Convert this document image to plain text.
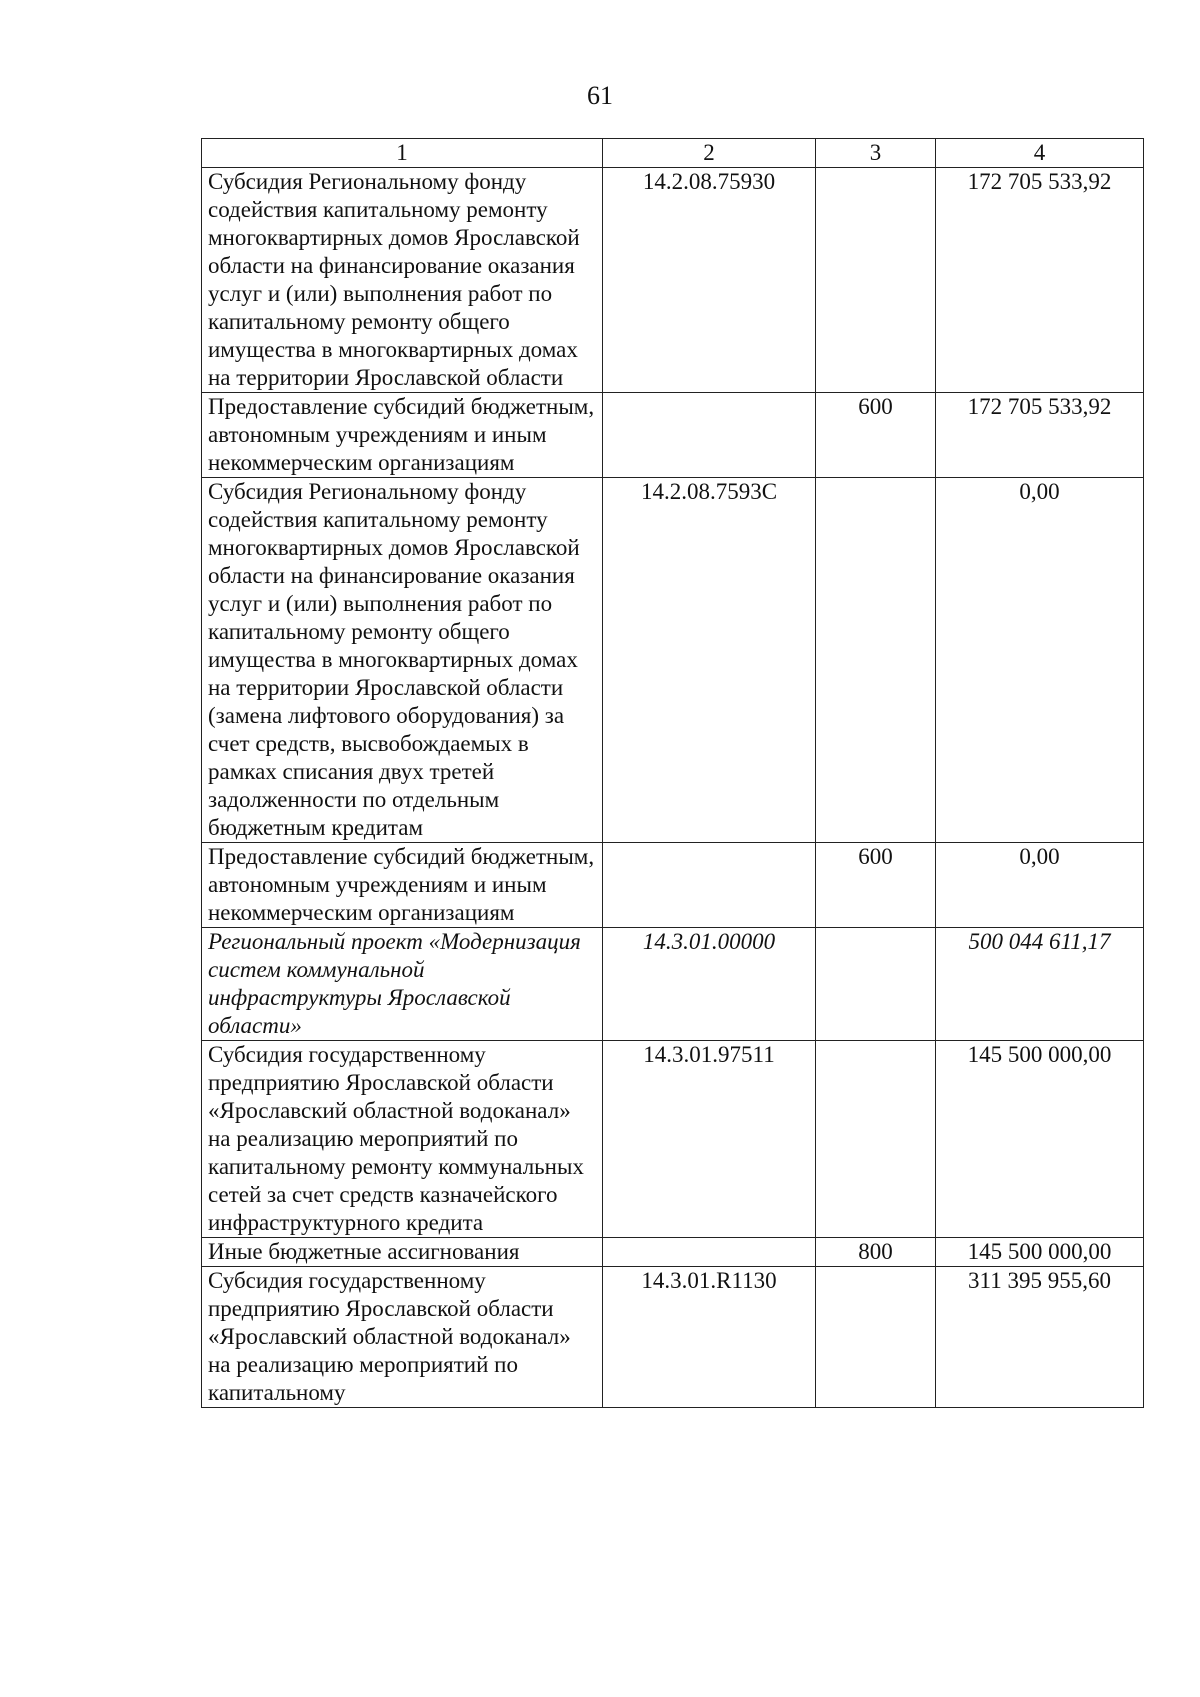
61
1	2	3	4
Субсидия Региональному фонду содействия капитальному ремонту многоквартирных домов Ярославской области на финансирование оказания услуг и (или) выполнения работ по капитальному ремонту общего имущества в многоквартирных домах на территории Ярославской области	14.2.08.75930		172 705 533,92
Предоставление субсидий бюджетным, автономным учреждениям и иным некоммерческим организациям		600	172 705 533,92
Субсидия Региональному фонду содействия капитальному ремонту многоквартирных домов Ярославской области на финансирование оказания услуг и (или) выполнения работ по капитальному ремонту общего имущества в многоквартирных домах на территории Ярославской области (замена лифтового оборудования) за счет средств, высвобождаемых в рамках списания двух третей задолженности по отдельным бюджетным кредитам	14.2.08.7593С		0,00
Предоставление субсидий бюджетным, автономным учреждениям и иным некоммерческим организациям		600	0,00
Региональный проект «Модернизация систем коммунальной инфраструктуры Ярославской области»	14.3.01.00000		500 044 611,17
Субсидия государственному предприятию Ярославской области «Ярославский областной водоканал» на реализацию мероприятий по капитальному ремонту коммунальных сетей за счет средств казначейского инфраструктурного кредита	14.3.01.97511		145 500 000,00
Иные бюджетные ассигнования		800	145 500 000,00
Субсидия государственному предприятию Ярославской области «Ярославский областной водоканал» на реализацию мероприятий по капитальному	14.3.01.R1130		311 395 955,60
